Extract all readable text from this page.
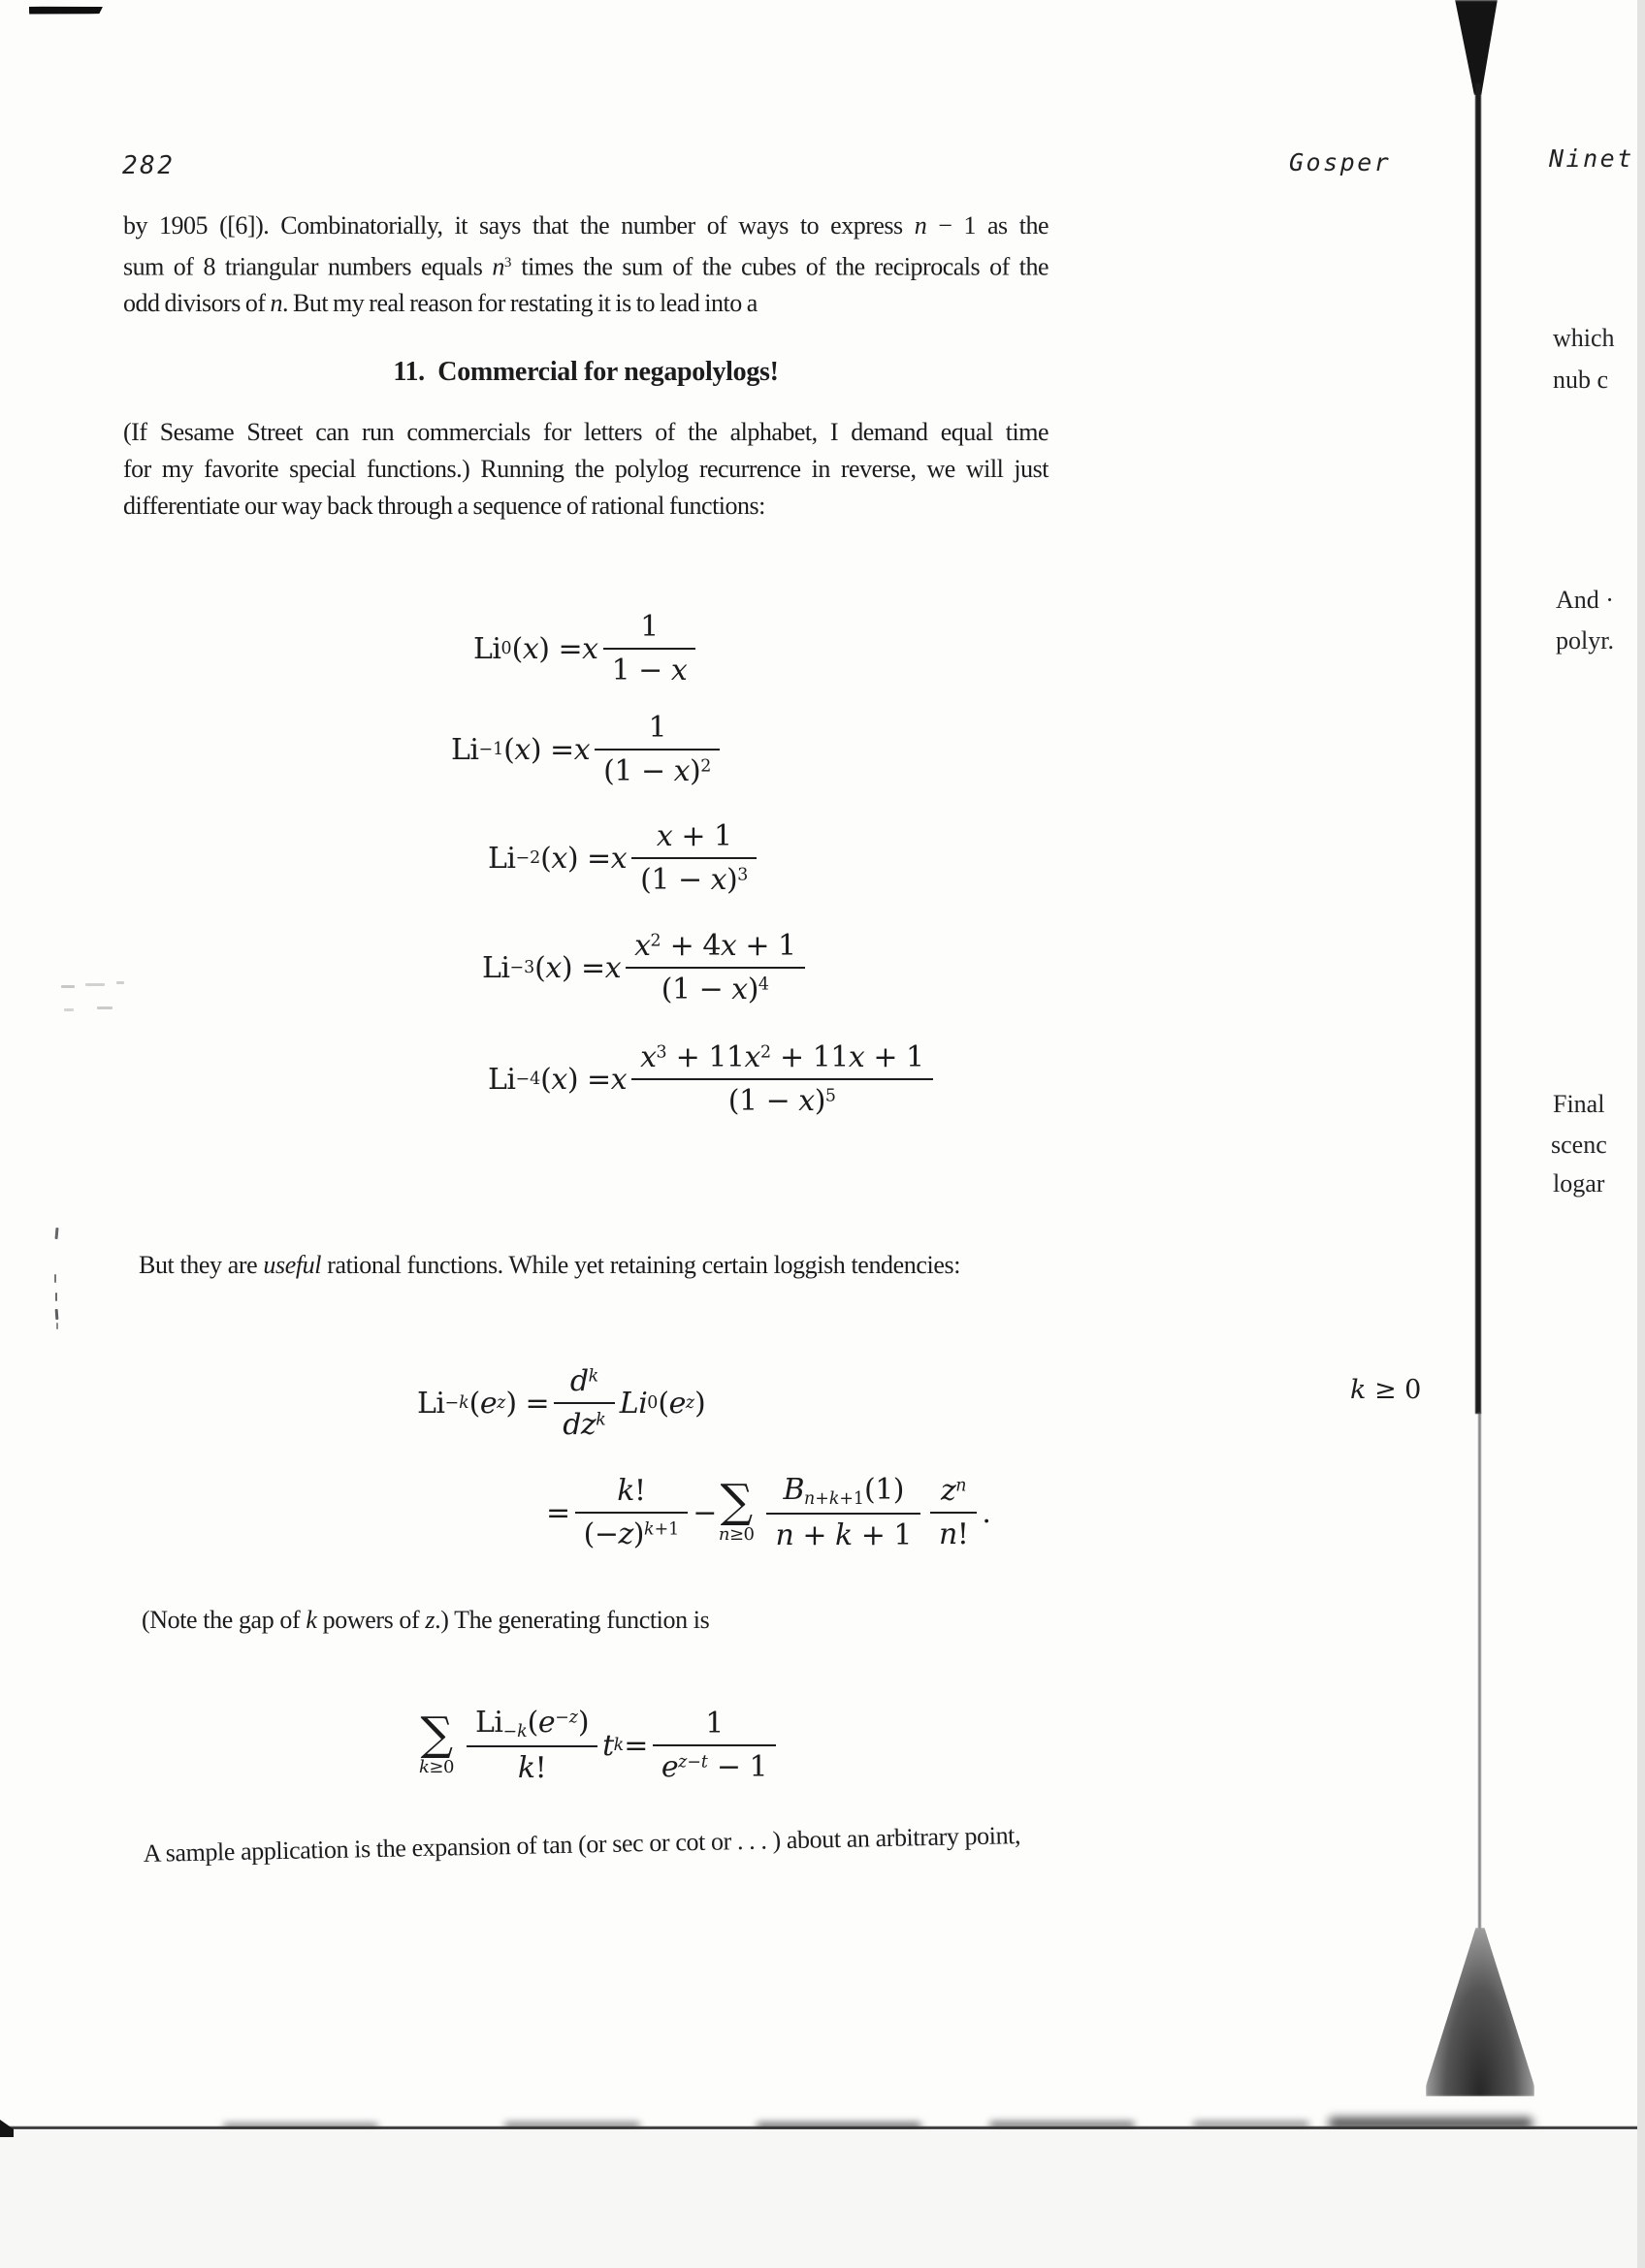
282	Gosper	Ninet
by 1905 ([6]). Combinatorially, it says that the number of ways to express n − 1 as the
sum of 8 triangular numbers equals $n^3$ times the sum of the cubes of the reciprocals of the
odd divisors of n. But my real reason for restating it is to lead into a
11.  Commercial for negapolylogs!
(If Sesame Street can run commercials for letters of the alphabet, I demand equal time
for my favorite special functions.) Running the polylog recurrence in reverse, we will just
differentiate our way back through a sequence of rational functions:
Li 0 ( x ) = x $\frac{1}{1 - x}$
Li −1 ( x ) = x $\frac{1}{(1 - x)^2}$
Li −2 ( x ) = x $\frac{x + 1}{(1 - x)^3}$
Li −3 ( x ) = x $\frac{x^2 + 4x + 1}{(1 - x)^4}$
Li −4 ( x ) = x $\frac{x^3 + 11x^2 + 11x + 1}{(1 - x)^5}$
But they are useful rational functions. While yet retaining certain loggish tendencies:
Li −k ( e z ) = $\frac{d^k}{dz^k}$ Li 0 ( e z )	k ≥ 0
= $\frac{k!}{(-z)^{k+1}}$ − ∑
$n\ge 0 \frac{B_{n+k+1}(1)}{n + k + 1} \frac{z^n}{n!}$ .
(Note the gap of k powers of z.) The generating function is
∑
$k\ge 0 \frac{Li_{-k}(e^{-z})}{k!}$ t $k = \frac{1}{e^{z-t} - 1}$
A sample application is the expansion of tan (or sec or cot or . . . ) about an arbitrary point,
which
nub c
And ·
polyr.
Final
scenc
logar
